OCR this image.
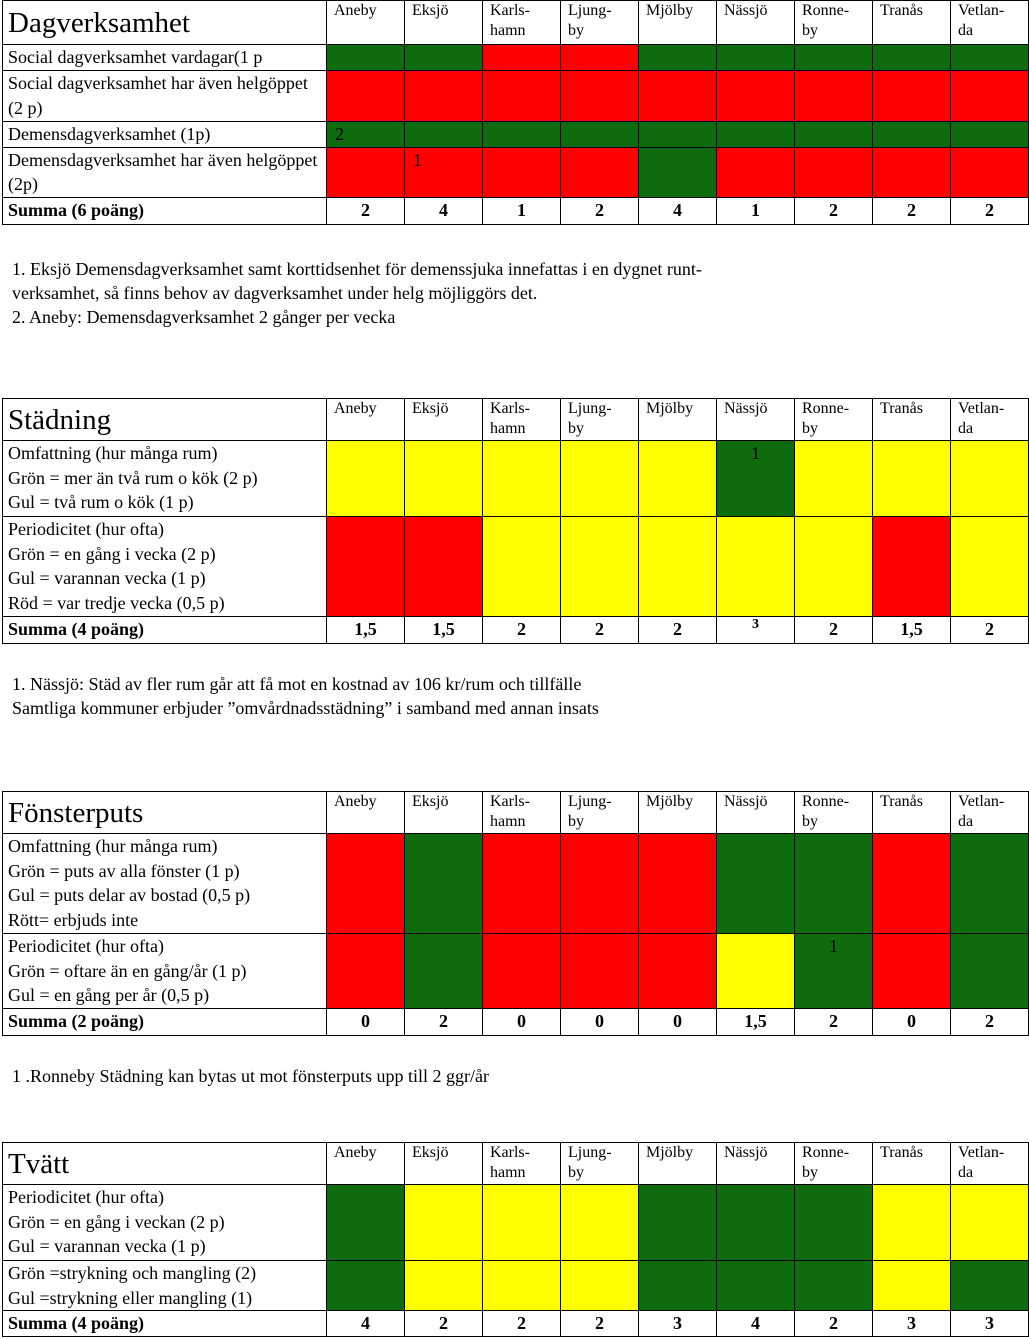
Dagverksamhet	Aneby	Eksjö	Karls-
hamn	Ljung-
by	Mjölby	Nässjö	Ronne-
by	Tranås	Vetlan-
da

Social dagverksamhet vardagar(1 p									
Social dagverksamhet har även helgöppet (2 p)									
Demensdagverksamhet (1p)	2								

Demensdagverksamhet har även helgöppet (2p)		1							

Summa (6 poäng)	2	4	1	2	4	1	2	2	2
1. Eksjö Demensdagverksamhet samt korttidsenhet för demenssjuka innefattas i en dygnet runt-
verksamhet, så finns behov av dagverksamhet under helg möjliggörs det.
2. Aneby: Demensdagverksamhet 2 gånger per vecka
Städning	Aneby	Eksjö	Karls-
hamn	Ljung-
by	Mjölby	Nässjö	Ronne-
by	Tranås	Vetlan-
da

Omfattning (hur många rum)
Grön = mer än två rum o kök (2 p)
Gul = två rum o kök (1 p)						1			

Periodicitet (hur ofta)
Grön = en gång i vecka (2 p)
Gul = varannan vecka (1 p)
Röd = var tredje vecka (0,5 p)									

Summa (4 poäng)	1,5	1,5	2	2	2	3	2	1,5	2
1. Nässjö: Städ av fler rum går att få mot en kostnad av 106 kr/rum och tillfälle
Samtliga kommuner erbjuder ”omvårdnadsstädning” i samband med annan insats
Fönsterputs	Aneby	Eksjö	Karls-
hamn	Ljung-
by	Mjölby	Nässjö	Ronne-
by	Tranås	Vetlan-
da

Omfattning (hur många rum)
Grön = puts av alla fönster (1 p)
Gul = puts delar av bostad (0,5 p)
Rött= erbjuds inte									

Periodicitet (hur ofta)
Grön = oftare än en gång/år (1 p)
Gul = en gång per år (0,5 p)							1		

Summa (2 poäng)	0	2	0	0	0	1,5	2	0	2
1 .Ronneby Städning kan bytas ut mot fönsterputs upp till 2 ggr/år
Tvätt	Aneby	Eksjö	Karls-
hamn	Ljung-
by	Mjölby	Nässjö	Ronne-
by	Tranås	Vetlan-
da

Periodicitet (hur ofta)
Grön = en gång i veckan (2 p)
Gul = varannan vecka (1 p)									

Grön =strykning och mangling (2)
Gul =strykning eller mangling (1)									

Summa (4 poäng)	4	2	2	2	3	4	2	3	3
